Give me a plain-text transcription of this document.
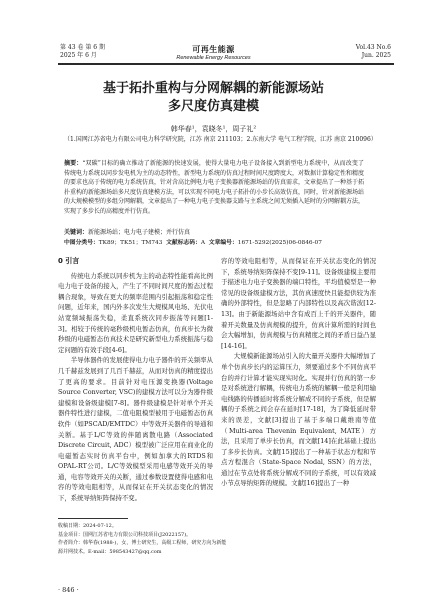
第 43 卷 第 6 期
2025 年 6 月
可再生能源
Renewable Energy Resources
Vol.43 No.6
Jun. 2025
基于拓扑重构与分网解耦的新能源场站
多尺度仿真建模
韩华春¹，袁晓冬¹，周子礼²
（1.国网江苏省电力有限公司电力科学研究院，江苏 南京 211103；2.东南大学 电气工程学院，江苏 南京 210096）
摘要：“双碳”目标的确立推动了新能源的快速发展，使得大量电力电子设备接入到新型电力系统中，从而改变了传统电力系统以同步发电机为主的动态特性，新型电力系统的仿真过程时间尺度跨度大，对数据计算稳定性和精度的要求也高于传统的电力系统仿真，针对含高比例电力电子变换器新能源场站的仿真需求，文章提出了一种基于拓扑重构的新能源场站多尺度仿真建模方法，可以实现不同电力电子拓扑的小步长高效仿真，同时，针对新能源场站的大规模模型的多组分网解耦，文章提出了一种电力电子变换器支路与主系统之间无须插入延时的分网解耦方法，实现了多步长的高精度并行仿真。
关键词：新能源场站；电力电子建模；并行仿真
中图分类号：TK89；TK51；TM743 文献标志码：A 文章编号：1671-5292(2025)06-0846-07
0 引言

传统电力系统以同步机为主的动态特性能看高比例电力电子设备的接入，产生了不同时间尺度的暂态过程耦合现象，导致在更大的频率范围内引起振荡和稳定性问题，近年来，国内外多次发生大规模风电场、光伏电站宽频域振荡失稳，柔直系统次同步振荡等问题[1-3]。相较于传统的毫秒级机电暂态仿真，仿真步长为微秒级的电磁暂态仿真技术是研究新型电力系统振荡与稳定问题的有效手段[4-6]。

半导体器件的发展使得电力电子器件的开关频率从几千赫兹发展到了几百千赫兹，从而对仿真的精度提出了更高的要求。目前针对电压源变换器(Voltage Source Converter, VSC)的建模方法可以分为器件级建模和设备级建模[7-8]。器件级建模是针对单个开关器件特性进行建模，二值电阻模型被用于电磁暂态仿真软件（如PSCAD/EMTDC）中等效开关器件的导通和关断。基于L/C等效的伴随离散电路（Associated Discrete Circuit, ADC）模型被广泛应用在商业化的电磁暂态实时仿真平台中，例如加拿大的RTDS和OPAL-RT公司。L/C等效模型采用电感等效开关的导通，电容等效开关的关断，通过参数设置使得电感和电容的等效电阻相等，从而保证在开关状态变化的情况下，系统导纳矩阵保持不变。

容的等效电阻相等，从而保证在开关状态变化的情况下，系统导纳矩阵保持不变[9-11]。设备级建模主要用于描述电力电子变换器的端口特性，平均值模型是一种常见的设备级建模方法，其仿真速度快且能提供较为准确的外部特性，但是忽略了内部特性以及高次谐波[12-13]。由于新能源场站中含有成百上千的开关器件，随着开关数量及仿真规模的提升，仿真计算所需的时间也会大幅增加，仿真规模与仿真精度之间的矛盾日益凸显[14-16]。

大规模新能源场站引入的大量开关器件大幅增加了单个仿真步长内的运算压力，须要通过多个不同仿真平台的并行计算才能实现实时化。实现并行仿真的第一步是对系统进行解耦，传统电力系统的解耦一般是利用输电线路的传播延时将系统分解成不同的子系统，但是解耦的子系统之间会存在延时[17-18]，为了降低延时带来的误差，文献[3]提出了基于多端口戴维南等值（Multi-area Thevenin Equivalent, MATE）方法，且采用了单步长仿真，而文献[14]在此基础上提出了多步长仿真。文献[15]提出了一种基于状态方程和节点方程混合（State-Space Nodal, SSN）的方法，通过在节点处将系统分解成不同的子系统，可以有效减小节点导纳矩阵的规模。文献[16]提出了一种

收稿日期：2024-07-12。
基金项目：国网江苏省电力有限公司科技项目(J2022157)。
作者简介：韩华春(1988-)，女，博士研究生，高级工程师，研究方向为新能源并网技术。E-mail：598543427@qq.com
· 846 ·
